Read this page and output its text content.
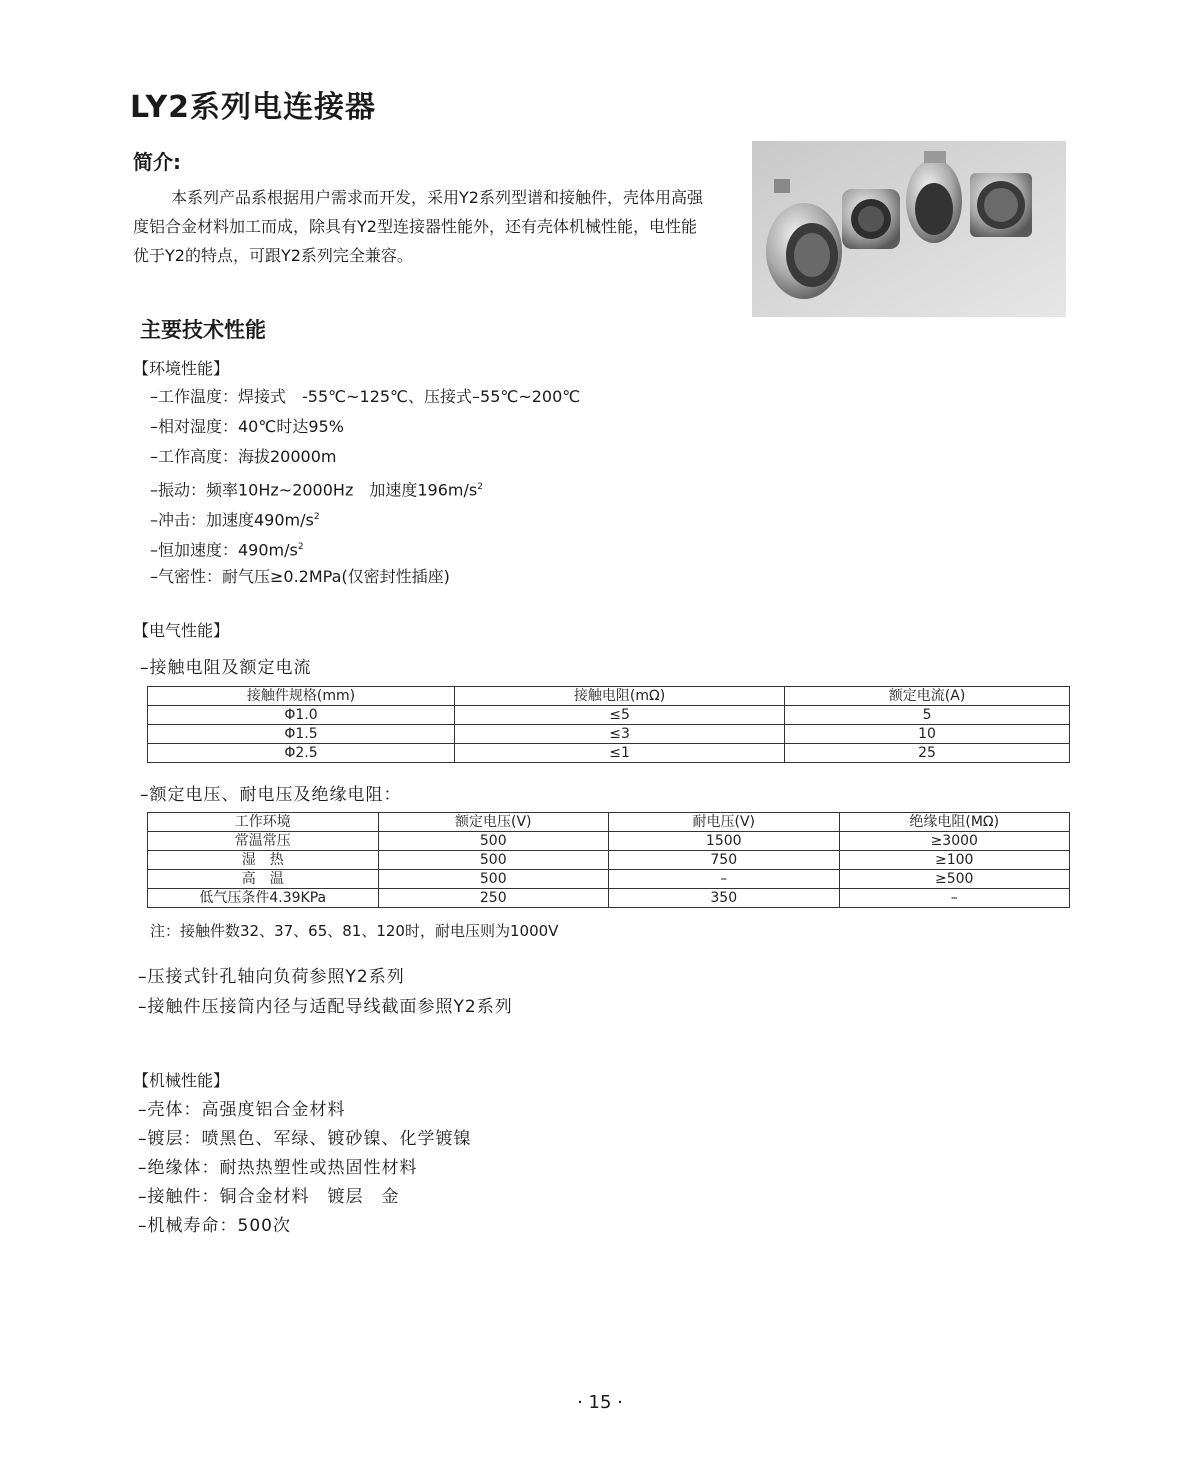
LY2系列电连接器
简介:

本系列产品系根据用户需求而开发，采用Y2系列型谱和接触件，壳体用高强度铝合金材料加工而成，除具有Y2型连接器性能外，还有壳体机械性能，电性能优于Y2的特点，可跟Y2系列完全兼容。

主要技术性能
【环境性能】
–工作温度：焊接式　-55℃~125℃、压接式–55℃~200℃
–相对湿度：40℃时达95%
–工作高度：海拔20000m
–振动：频率10Hz~2000Hz　加速度$196m/s^2$
–冲击：加速度$490m/s^2$
–恒加速度：$490m/s^2$
–气密性：耐气压≥0.2MPa(仅密封性插座)
【电气性能】
–接触电阻及额定电流
接触件规格(mm)	接触电阻(mΩ)	额定电流(A)
Φ1.0	≤5	5
Φ1.5	≤3	10
Φ2.5	≤1	25
–额定电压、耐电压及绝缘电阻：
工作环境	额定电压(V)	耐电压(V)	绝缘电阻(MΩ)
常温常压	500	1500	≥3000
湿　热	500	750	≥100
高　温	500	–	≥500
低气压条件4.39KPa	250	350	–
注：接触件数32、37、65、81、120时，耐电压则为1000V
–压接式针孔轴向负荷参照Y2系列
–接触件压接筒内径与适配导线截面参照Y2系列
【机械性能】
–壳体：高强度铝合金材料
–镀层：喷黑色、军绿、镀砂镍、化学镀镍
–绝缘体：耐热热塑性或热固性材料
–接触件：铜合金材料　镀层　金
–机械寿命：500次
· 15 ·
